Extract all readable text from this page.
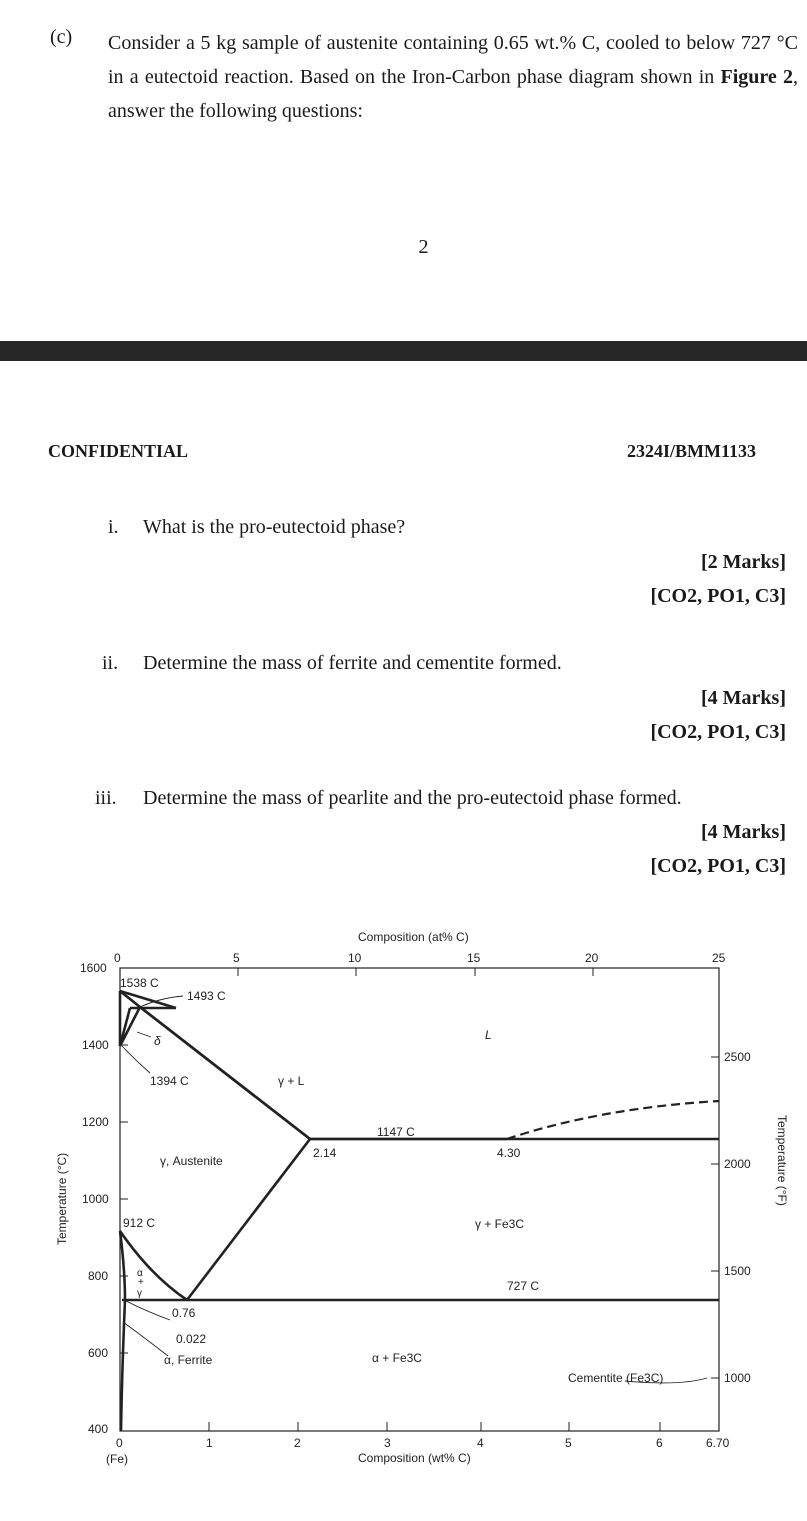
(c) Consider a 5 kg sample of austenite containing 0.65 wt.% C, cooled to below 727 °C in a eutectoid reaction. Based on the Iron-Carbon phase diagram shown in Figure 2, answer the following questions:
2
CONFIDENTIAL	2324I/BMM1133
i. What is the pro-eutectoid phase?
[2 Marks]
[CO2, PO1, C3]
ii. Determine the mass of ferrite and cementite formed.
[4 Marks]
[CO2, PO1, C3]
iii. Determine the mass of pearlite and the pro-eutectoid phase formed.
[4 Marks]
[CO2, PO1, C3]
0	5	10	15	20	25
0	1	2	3	4	5	6	6.70
(Fe)
1600
1400
1200
1000
800
600
400
2500
2000
1500
1000
Composition (at% C)
Composition (wt% C)
Temperature (°C)	Temperature (°F)
1538 C
1493 C
δ
1394 C	γ + L
L
1147 C
2.14	4.30
γ, Austenite
912 C	γ + Fe3C
α
+
γ
727 C
0.76
0.022
α, Ferrite	α + Fe3C
Cementite (Fe3C)
